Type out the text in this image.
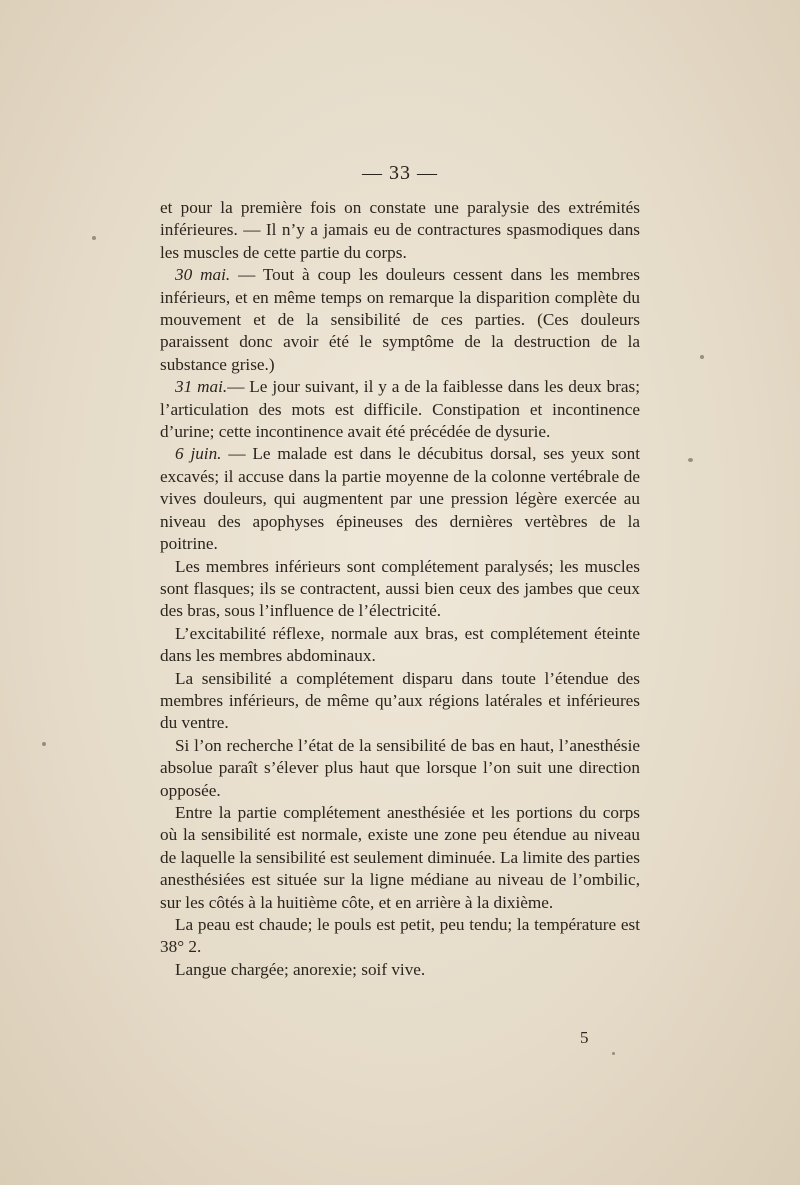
— 33 —

et pour la première fois on constate une paralysie des extrémités inférieures. — Il n’y a jamais eu de contractures spasmodiques dans les muscles de cette partie du corps.

30 mai. — Tout à coup les douleurs cessent dans les membres inférieurs, et en même temps on remarque la disparition complète du mouvement et de la sensibilité de ces parties. (Ces douleurs paraissent donc avoir été le symptôme de la destruction de la substance grise.)

31 mai.— Le jour suivant, il y a de la faiblesse dans les deux bras; l’articulation des mots est difficile. Constipation et incontinence d’urine; cette incontinence avait été précédée de dysurie.

6 juin. — Le malade est dans le décubitus dorsal, ses yeux sont excavés; il accuse dans la partie moyenne de la colonne vertébrale de vives douleurs, qui augmentent par une pression légère exercée au niveau des apophyses épineuses des dernières vertèbres de la poitrine.

Les membres inférieurs sont complétement paralysés; les muscles sont flasques; ils se contractent, aussi bien ceux des jambes que ceux des bras, sous l’influence de l’électricité.

L’excitabilité réflexe, normale aux bras, est complétement éteinte dans les membres abdominaux.

La sensibilité a complétement disparu dans toute l’étendue des membres inférieurs, de même qu’aux régions latérales et inférieures du ventre.

Si l’on recherche l’état de la sensibilité de bas en haut, l’anesthésie absolue paraît s’élever plus haut que lorsque l’on suit une direction opposée.

Entre la partie complétement anesthésiée et les portions du corps où la sensibilité est normale, existe une zone peu étendue au niveau de laquelle la sensibilité est seulement diminuée. La limite des parties anesthésiées est située sur la ligne médiane au niveau de l’ombilic, sur les côtés à la huitième côte, et en arrière à la dixième.

La peau est chaude; le pouls est petit, peu tendu; la température est 38° 2.

Langue chargée; anorexie; soif vive.

5
